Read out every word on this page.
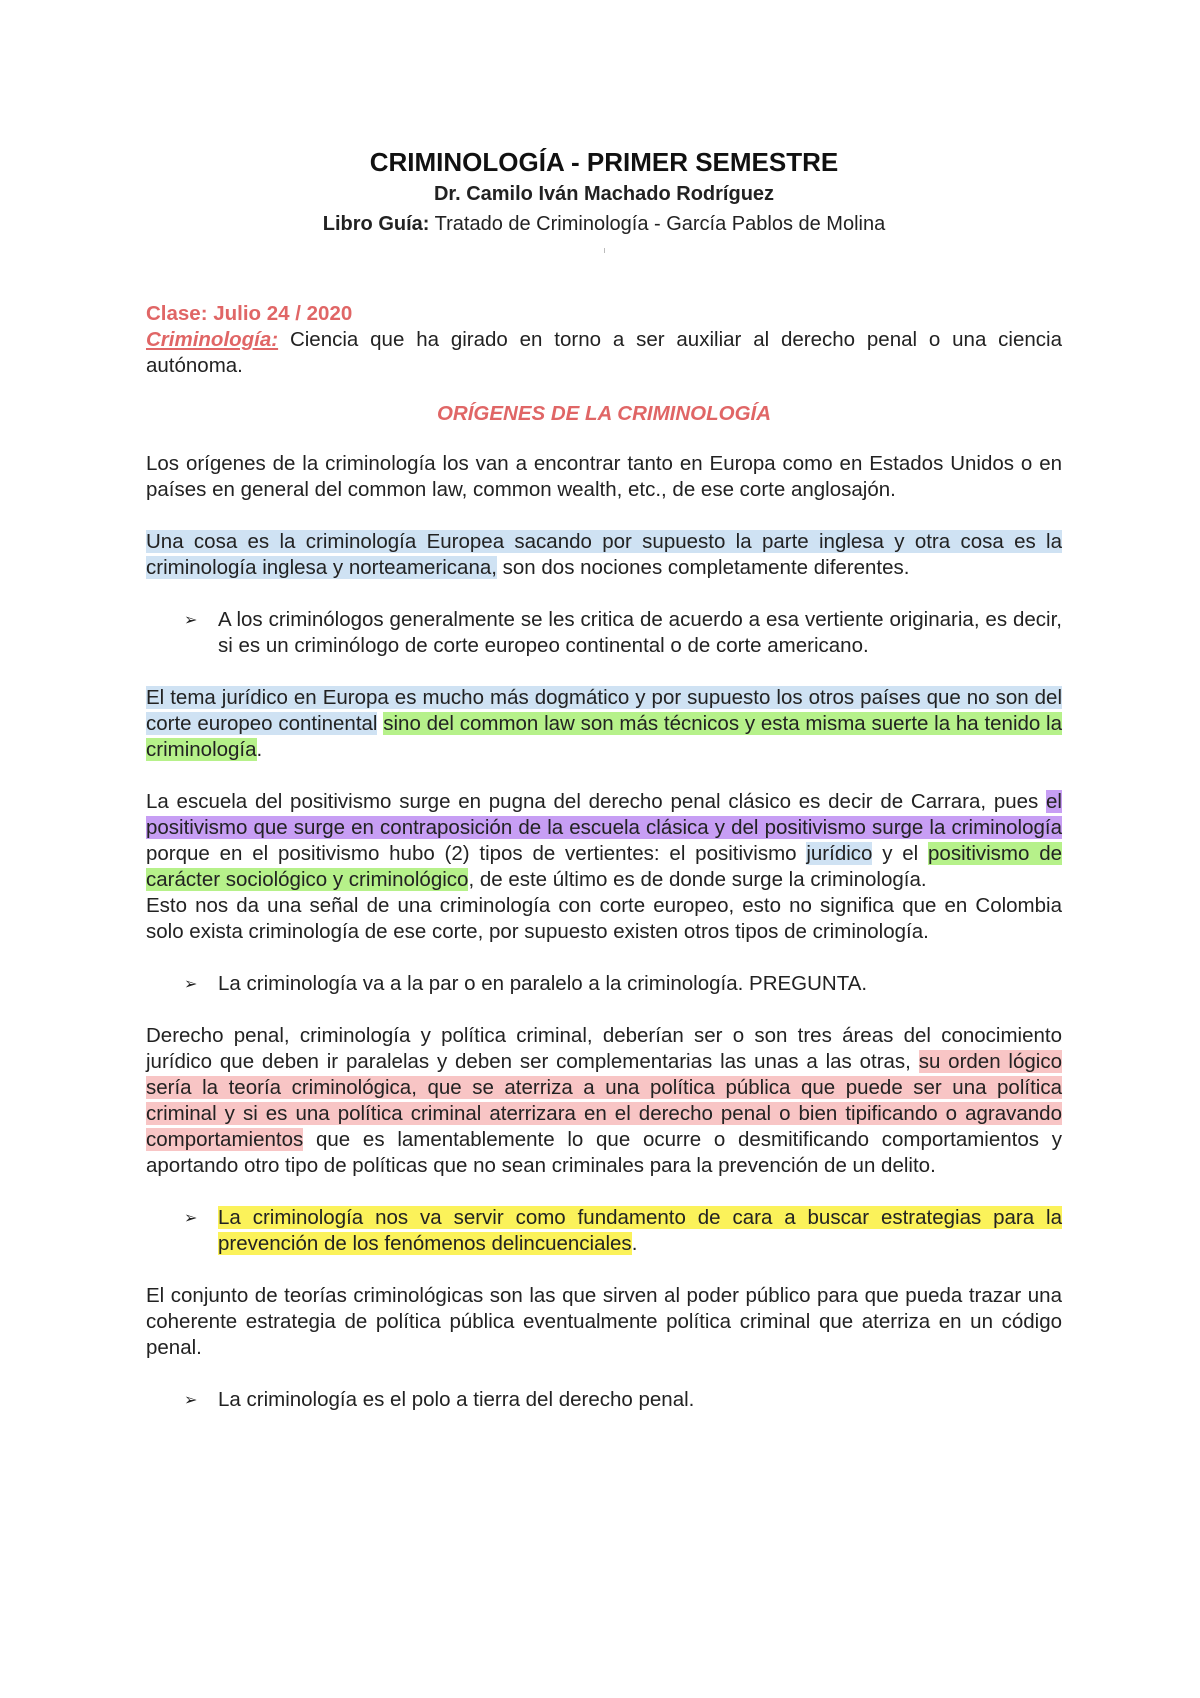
CRIMINOLOGÍA - PRIMER SEMESTRE

Dr. Camilo Iván Machado Rodríguez

Libro Guía: Tratado de Criminología - García Pablos de Molina

Clase: Julio 24 / 2020

Criminología: Ciencia que ha girado en torno a ser auxiliar al derecho penal o una ciencia autónoma.

ORÍGENES DE LA CRIMINOLOGÍA

Los orígenes de la criminología los van a encontrar tanto en Europa como en Estados Unidos o en países en general del common law, common wealth, etc., de ese corte anglosajón.

Una cosa es la criminología Europea sacando por supuesto la parte inglesa y otra cosa es la criminología inglesa y norteamericana, son dos nociones completamente diferentes.

➢	A los criminólogos generalmente se les critica de acuerdo a esa vertiente originaria, es decir, si es un criminólogo de corte europeo continental o de corte americano.

El tema jurídico en Europa es mucho más dogmático y por supuesto los otros países que no son del corte europeo continental sino del common law son más técnicos y esta misma suerte la ha tenido la criminología.

La escuela del positivismo surge en pugna del derecho penal clásico es decir de Carrara, pues el positivismo que surge en contraposición de la escuela clásica y del positivismo surge la criminología porque en el positivismo hubo (2) tipos de vertientes: el positivismo jurídico y el positivismo de carácter sociológico y criminológico, de este último es de donde surge la criminología.

Esto nos da una señal de una criminología con corte europeo, esto no significa que en Colombia solo exista criminología de ese corte, por supuesto existen otros tipos de criminología.

➢	La criminología va a la par o en paralelo a la criminología. PREGUNTA.

Derecho penal, criminología y política criminal, deberían ser o son tres áreas del conocimiento jurídico que deben ir paralelas y deben ser complementarias las unas a las otras, su orden lógico sería la teoría criminológica, que se aterriza a una política pública que puede ser una política criminal y si es una política criminal aterrizara en el derecho penal o bien tipificando o agravando comportamientos que es lamentablemente lo que ocurre o desmitificando comportamientos y aportando otro tipo de políticas que no sean criminales para la prevención de un delito.

➢	La criminología nos va servir como fundamento de cara a buscar estrategias para la prevención de los fenómenos delincuenciales.

El conjunto de teorías criminológicas son las que sirven al poder público para que pueda trazar una coherente estrategia de política pública eventualmente política criminal que aterriza en un código penal.

➢	La criminología es el polo a tierra del derecho penal.
